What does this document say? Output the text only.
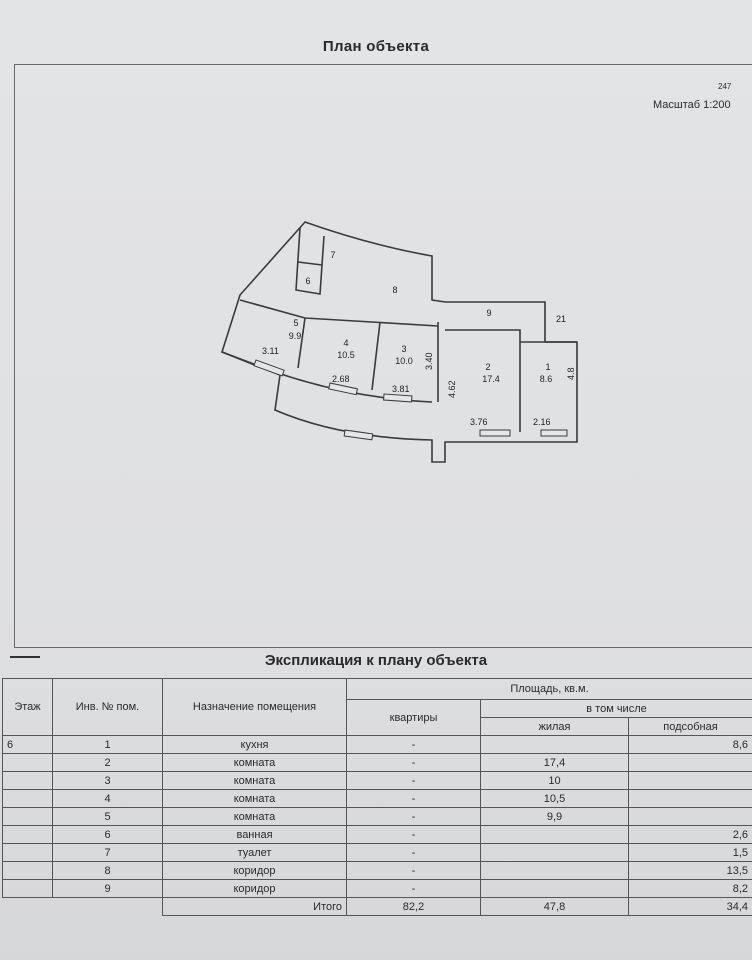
План объекта
247
Масштаб 1:200
1
8.6
2
17.4
3
10.0
4
10.5
5
9.9
6
7
8
9
21
3.11
2.68
3.81
3.40
4.62
3.76	2.16
4.8
Экспликация к плану объекта
Этаж	Инв. № пом.	Назначение помещения	Площадь, кв.м.		
			квартиры	в том числе	
				жилая	подсобная
6	1	кухня	-		8,6
	2	комната	-	17,4	
	3	комната	-	10	
	4	комната	-	10,5	
	5	комната	-	9,9	
	6	ванная	-		2,6
	7	туалет	-		1,5
	8	коридор	-		13,5
	9	коридор	-		8,2
		Итого	82,2	47,8	34,4
